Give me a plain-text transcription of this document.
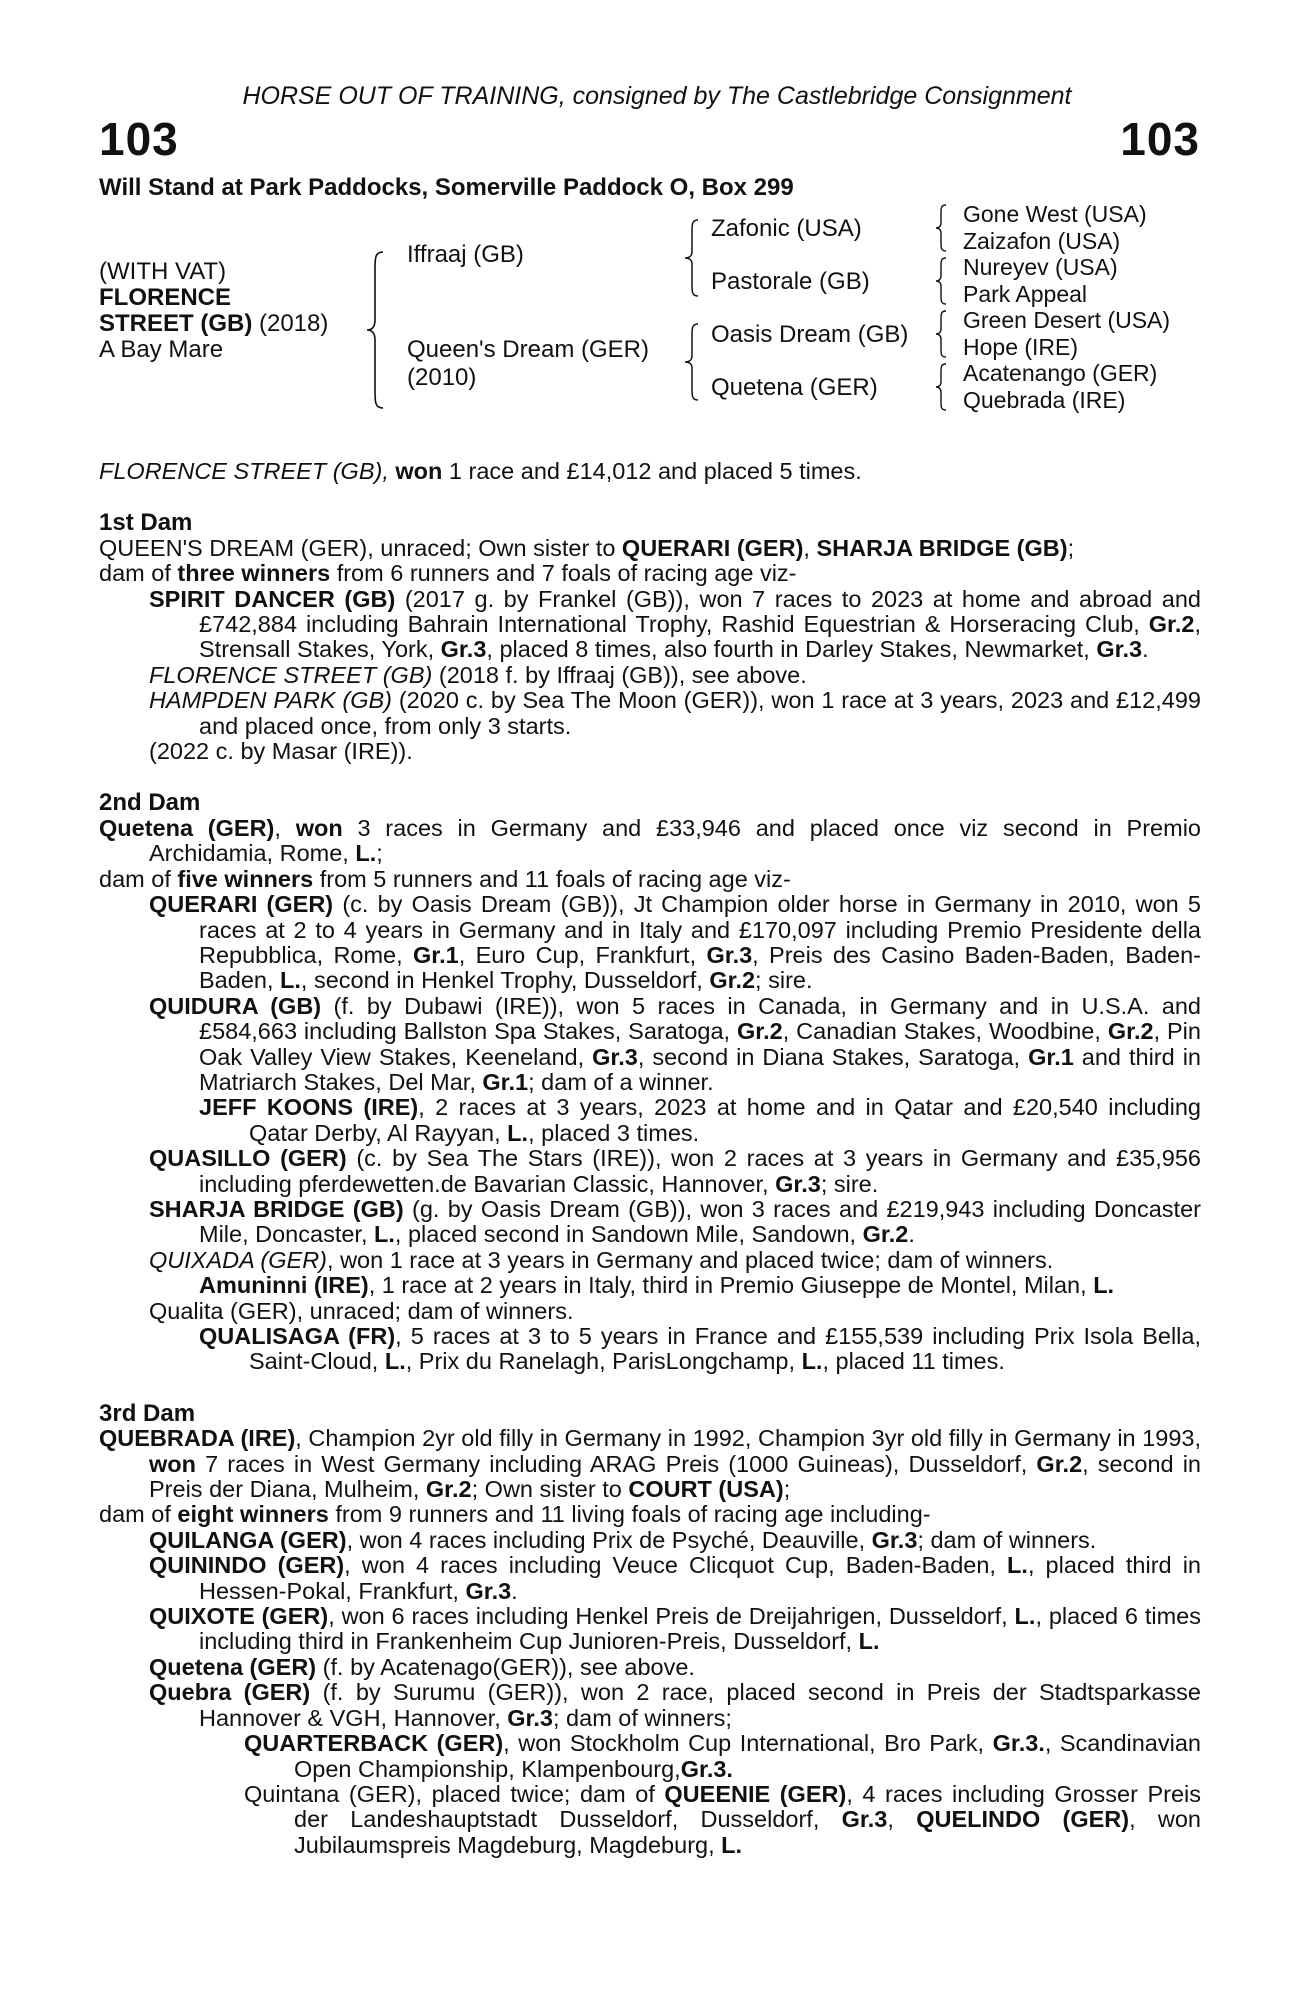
HORSE OUT OF TRAINING, consigned by The Castlebridge Consignment
103	103
Will Stand at Park Paddocks, Somerville Paddock O, Box 299
(WITH VAT)
FLORENCE
STREET (GB) (2018)
A Bay Mare
Iffraaj (GB)
Queen's Dream (GER)
(2010)
Zafonic (USA)
Pastorale (GB)
Oasis Dream (GB)
Quetena (GER)
Gone West (USA)
Zaizafon (USA)
Nureyev (USA)
Park Appeal
Green Desert (USA)
Hope (IRE)
Acatenango (GER)
Quebrada (IRE)

FLORENCE STREET (GB), won 1 race and £14,012 and placed 5 times.

1st Dam

QUEEN'S DREAM (GER), unraced; Own sister to QUERARI (GER), SHARJA BRIDGE (GB);

dam of three winners from 6 runners and 7 foals of racing age viz-

SPIRIT DANCER (GB) (2017 g. by Frankel (GB)), won 7 races to 2023 at home and abroad and £742,884 including Bahrain International Trophy, Rashid Equestrian & Horseracing Club, Gr.2, Strensall Stakes, York, Gr.3, placed 8 times, also fourth in Darley Stakes, Newmarket, Gr.3.

FLORENCE STREET (GB) (2018 f. by Iffraaj (GB)), see above.

HAMPDEN PARK (GB) (2020 c. by Sea The Moon (GER)), won 1 race at 3 years, 2023 and £12,499 and placed once, from only 3 starts.

(2022 c. by Masar (IRE)).

2nd Dam

Quetena (GER), won 3 races in Germany and £33,946 and placed once viz second in Premio Archidamia, Rome, L.;

dam of five winners from 5 runners and 11 foals of racing age viz-

QUERARI (GER) (c. by Oasis Dream (GB)), Jt Champion older horse in Germany in 2010, won 5 races at 2 to 4 years in Germany and in Italy and £170,097 including Premio Presidente della Repubblica, Rome, Gr.1, Euro Cup, Frankfurt, Gr.3, Preis des Casino Baden-Baden, Baden-Baden, L., second in Henkel Trophy, Dusseldorf, Gr.2; sire.

QUIDURA (GB) (f. by Dubawi (IRE)), won 5 races in Canada, in Germany and in U.S.A. and £584,663 including Ballston Spa Stakes, Saratoga, Gr.2, Canadian Stakes, Woodbine, Gr.2, Pin Oak Valley View Stakes, Keeneland, Gr.3, second in Diana Stakes, Saratoga, Gr.1 and third in Matriarch Stakes, Del Mar, Gr.1; dam of a winner.

JEFF KOONS (IRE), 2 races at 3 years, 2023 at home and in Qatar and £20,540 including Qatar Derby, Al Rayyan, L., placed 3 times.

QUASILLO (GER) (c. by Sea The Stars (IRE)), won 2 races at 3 years in Germany and £35,956 including pferdewetten.de Bavarian Classic, Hannover, Gr.3; sire.

SHARJA BRIDGE (GB) (g. by Oasis Dream (GB)), won 3 races and £219,943 including Doncaster Mile, Doncaster, L., placed second in Sandown Mile, Sandown, Gr.2.

QUIXADA (GER), won 1 race at 3 years in Germany and placed twice; dam of winners.

Amuninni (IRE), 1 race at 2 years in Italy, third in Premio Giuseppe de Montel, Milan, L.

Qualita (GER), unraced; dam of winners.

QUALISAGA (FR), 5 races at 3 to 5 years in France and £155,539 including Prix Isola Bella, Saint-Cloud, L., Prix du Ranelagh, ParisLongchamp, L., placed 11 times.

3rd Dam

QUEBRADA (IRE), Champion 2yr old filly in Germany in 1992, Champion 3yr old filly in Germany in 1993, won 7 races in West Germany including ARAG Preis (1000 Guineas), Dusseldorf, Gr.2, second in Preis der Diana, Mulheim, Gr.2; Own sister to COURT (USA);

dam of eight winners from 9 runners and 11 living foals of racing age including-

QUILANGA (GER), won 4 races including Prix de Psyché, Deauville, Gr.3; dam of winners.

QUININDO (GER), won 4 races including Veuce Clicquot Cup, Baden-Baden, L., placed third in Hessen-Pokal, Frankfurt, Gr.3.

QUIXOTE (GER), won 6 races including Henkel Preis de Dreijahrigen, Dusseldorf, L., placed 6 times including third in Frankenheim Cup Junioren-Preis, Dusseldorf, L.

Quetena (GER) (f. by Acatenago(GER)), see above.

Quebra (GER) (f. by Surumu (GER)), won 2 race, placed second in Preis der Stadtsparkasse Hannover & VGH, Hannover, Gr.3; dam of winners;

QUARTERBACK (GER), won Stockholm Cup International, Bro Park, Gr.3., Scandinavian Open Championship, Klampenbourg,Gr.3.

Quintana (GER), placed twice; dam of QUEENIE (GER), 4 races including Grosser Preis der Landeshauptstadt Dusseldorf, Dusseldorf, Gr.3, QUELINDO (GER), won Jubilaumspreis Magdeburg, Magdeburg, L.
